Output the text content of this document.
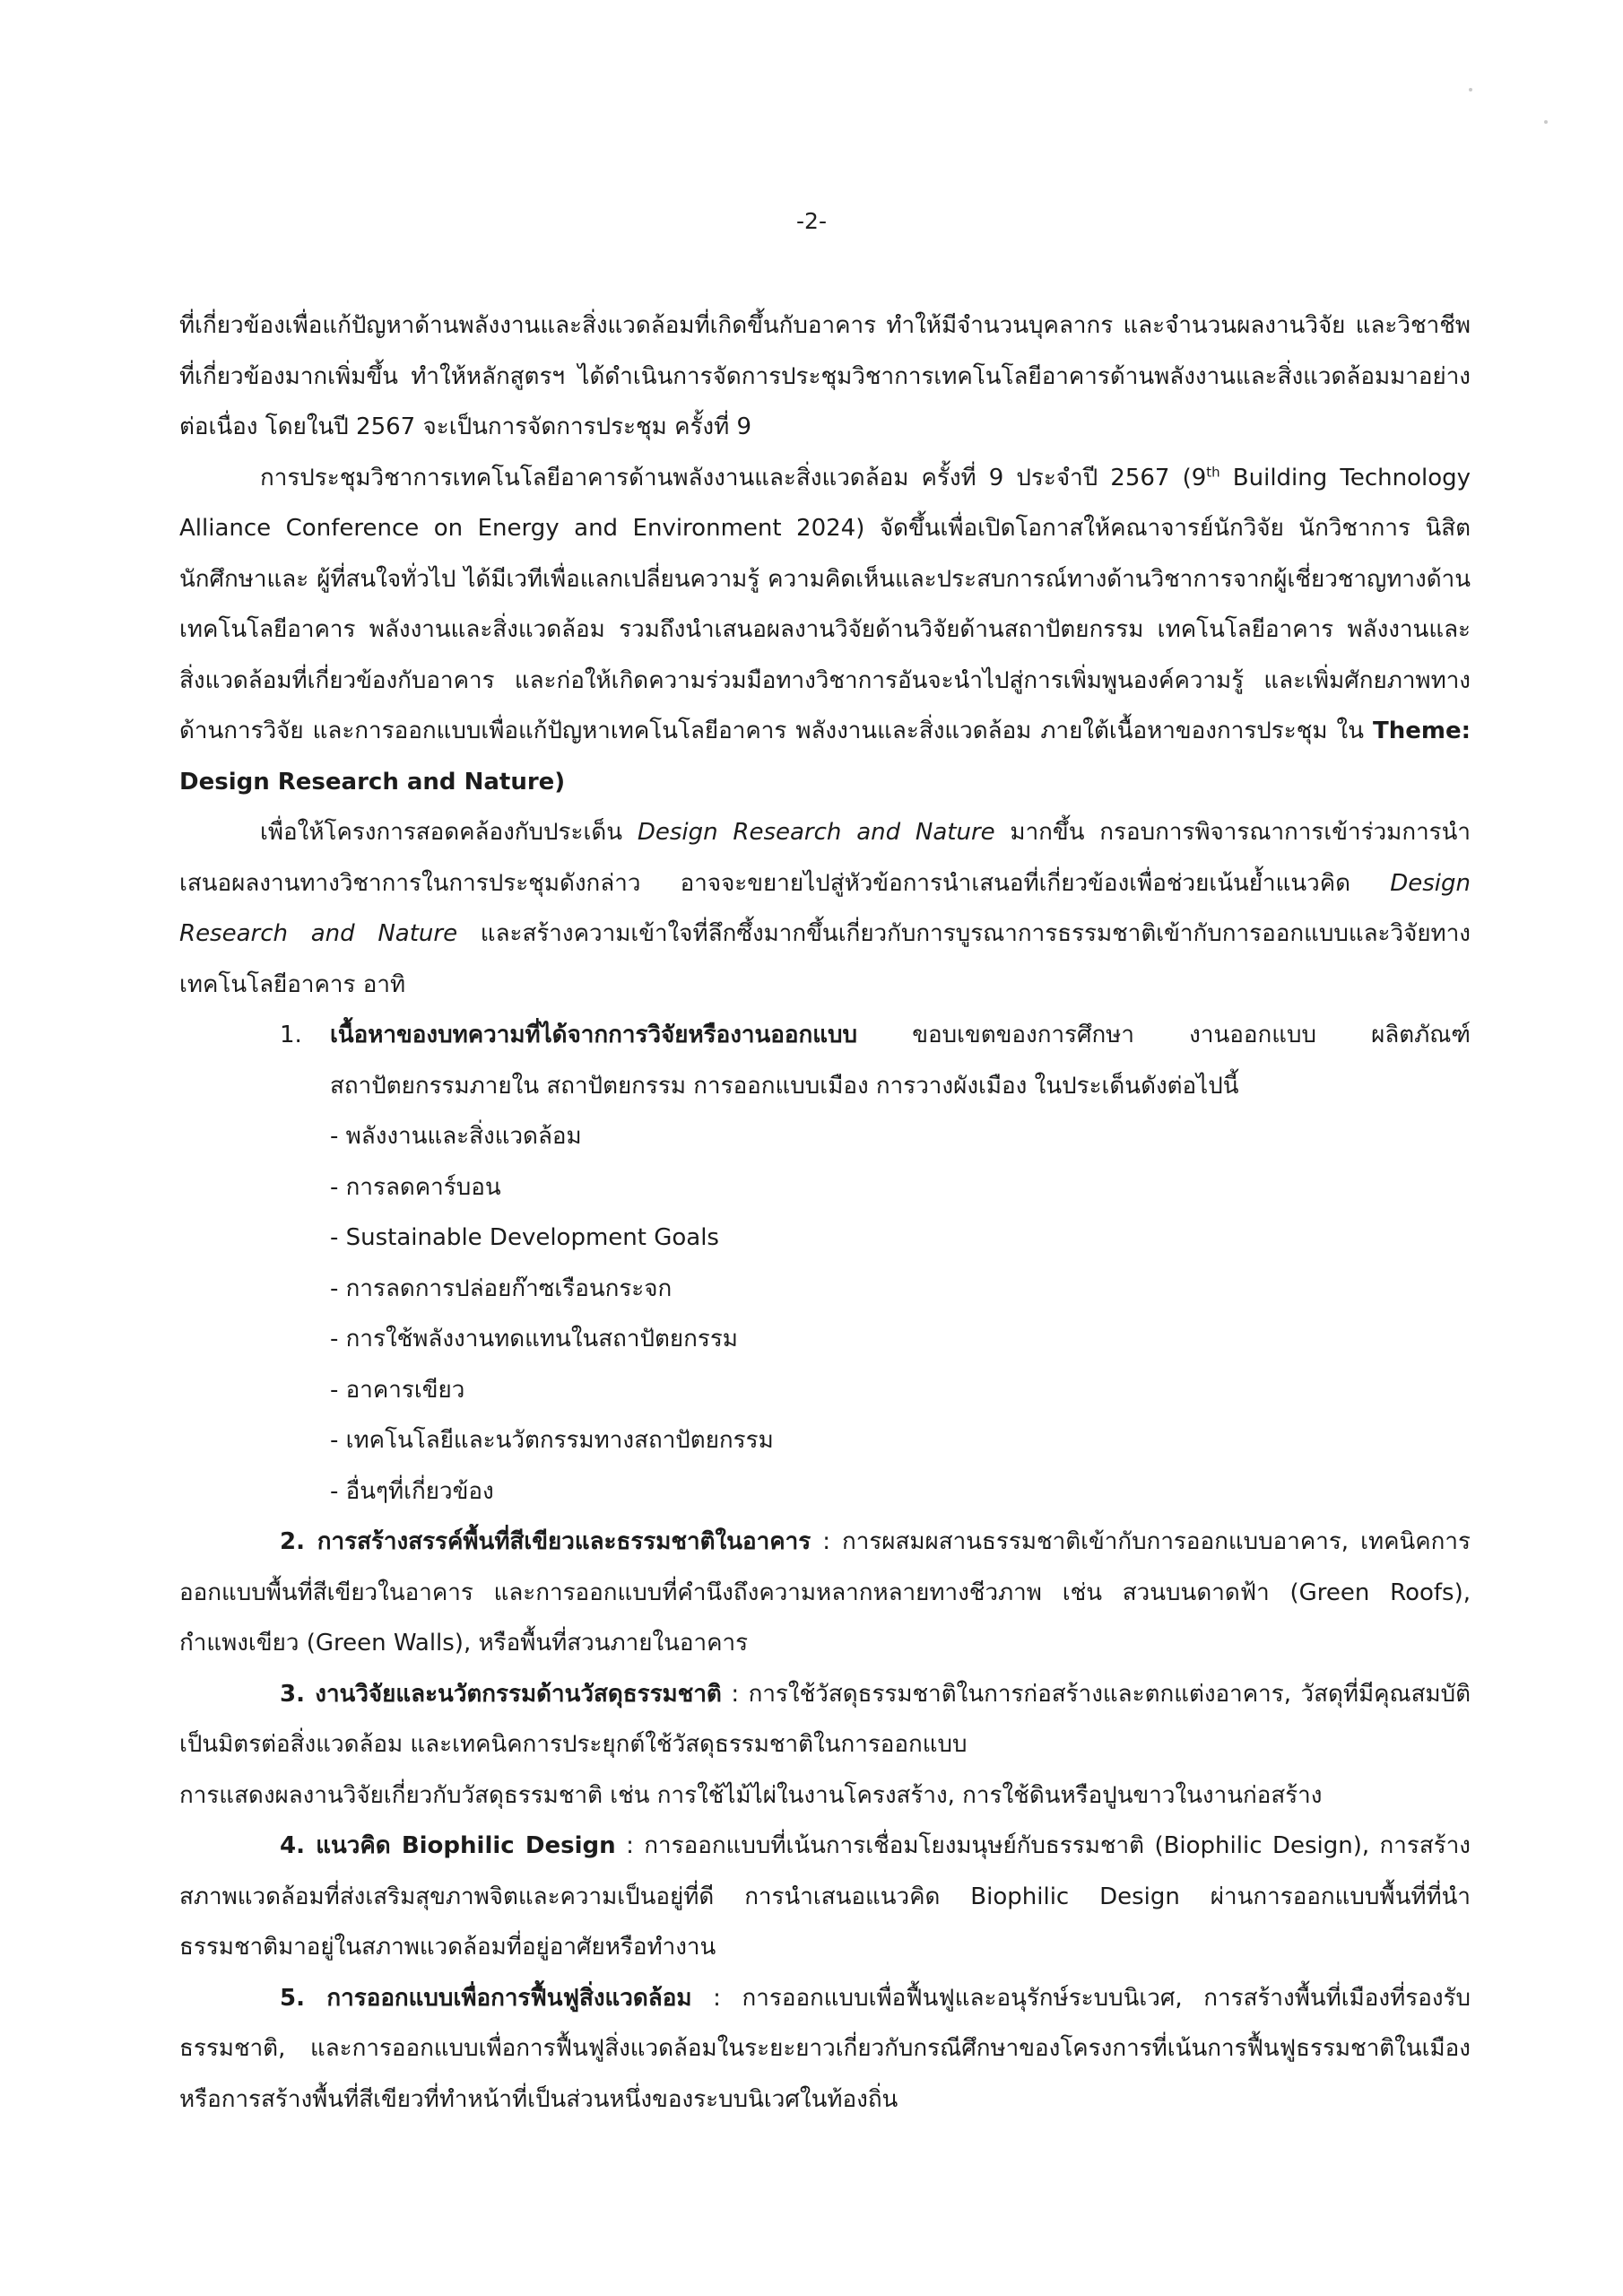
-2-

ที่เกี่ยวข้องเพื่อแก้ปัญหาด้านพลังงานและสิ่งแวดล้อมที่เกิดขึ้นกับอาคาร ทำให้มีจำนวนบุคลากร และจำนวนผลงานวิจัย และวิชาชีพที่เกี่ยวข้องมากเพิ่มขึ้น ทำให้หลักสูตรฯ ได้ดำเนินการจัดการประชุมวิชาการเทคโนโลยีอาคารด้านพลังงานและสิ่งแวดล้อมมาอย่างต่อเนื่อง โดยในปี 2567 จะเป็นการจัดการประชุม ครั้งที่ 9

การประชุมวิชาการเทคโนโลยีอาคารด้านพลังงานและสิ่งแวดล้อม ครั้งที่ 9 ประจำปี 2567 (9th Building Technology Alliance Conference on Energy and Environment 2024) จัดขึ้นเพื่อเปิดโอกาสให้คณาจารย์นักวิจัย นักวิชาการ นิสิต นักศึกษาและ ผู้ที่สนใจทั่วไป ได้มีเวทีเพื่อแลกเปลี่ยนความรู้ ความคิดเห็นและประสบการณ์ทางด้านวิชาการจากผู้เชี่ยวชาญทางด้านเทคโนโลยีอาคาร พลังงานและสิ่งแวดล้อม รวมถึงนำเสนอผลงานวิจัยด้านวิจัยด้านสถาปัตยกรรม เทคโนโลยีอาคาร พลังงานและสิ่งแวดล้อมที่เกี่ยวข้องกับอาคาร และก่อให้เกิดความร่วมมือทางวิชาการอันจะนำไปสู่การเพิ่มพูนองค์ความรู้ และเพิ่มศักยภาพทางด้านการวิจัย และการออกแบบเพื่อแก้ปัญหาเทคโนโลยีอาคาร พลังงานและสิ่งแวดล้อม ภายใต้เนื้อหาของการประชุม ใน Theme: Design Research and Nature)

เพื่อให้โครงการสอดคล้องกับประเด็น Design Research and Nature มากขึ้น กรอบการพิจารณาการเข้าร่วมการนำเสนอผลงานทางวิชาการในการประชุมดังกล่าว อาจจะขยายไปสู่หัวข้อการนำเสนอที่เกี่ยวข้องเพื่อช่วยเน้นย้ำแนวคิด Design Research and Nature และสร้างความเข้าใจที่ลึกซึ้งมากขึ้นเกี่ยวกับการบูรณาการธรรมชาติเข้ากับการออกแบบและวิจัยทางเทคโนโลยีอาคาร อาทิ

1. เนื้อหาของบทความที่ได้จากการวิจัยหรืองานออกแบบ ขอบเขตของการศึกษา งานออกแบบ ผลิตภัณฑ์ สถาปัตยกรรมภายใน สถาปัตยกรรม การออกแบบเมือง การวางผังเมือง ในประเด็นดังต่อไปนี้

- พลังงานและสิ่งแวดล้อม
- การลดคาร์บอน
- Sustainable Development Goals
- การลดการปล่อยก๊าซเรือนกระจก
- การใช้พลังงานทดแทนในสถาปัตยกรรม
- อาคารเขียว
- เทคโนโลยีและนวัตกรรมทางสถาปัตยกรรม
- อื่นๆที่เกี่ยวข้อง

2. การสร้างสรรค์พื้นที่สีเขียวและธรรมชาติในอาคาร : การผสมผสานธรรมชาติเข้ากับการออกแบบอาคาร, เทคนิคการออกแบบพื้นที่สีเขียวในอาคาร และการออกแบบที่คำนึงถึงความหลากหลายทางชีวภาพ เช่น สวนบนดาดฟ้า (Green Roofs), กำแพงเขียว (Green Walls), หรือพื้นที่สวนภายในอาคาร

3. งานวิจัยและนวัตกรรมด้านวัสดุธรรมชาติ : การใช้วัสดุธรรมชาติในการก่อสร้างและตกแต่งอาคาร, วัสดุที่มีคุณสมบัติเป็นมิตรต่อสิ่งแวดล้อม และเทคนิคการประยุกต์ใช้วัสดุธรรมชาติในการออกแบบ

การแสดงผลงานวิจัยเกี่ยวกับวัสดุธรรมชาติ เช่น การใช้ไม้ไผ่ในงานโครงสร้าง, การใช้ดินหรือปูนขาวในงานก่อสร้าง

4. แนวคิด Biophilic Design : การออกแบบที่เน้นการเชื่อมโยงมนุษย์กับธรรมชาติ (Biophilic Design), การสร้างสภาพแวดล้อมที่ส่งเสริมสุขภาพจิตและความเป็นอยู่ที่ดี การนำเสนอแนวคิด Biophilic Design ผ่านการออกแบบพื้นที่ที่นำธรรมชาติมาอยู่ในสภาพแวดล้อมที่อยู่อาศัยหรือทำงาน

5. การออกแบบเพื่อการฟื้นฟูสิ่งแวดล้อม : การออกแบบเพื่อฟื้นฟูและอนุรักษ์ระบบนิเวศ, การสร้างพื้นที่เมืองที่รองรับธรรมชาติ, และการออกแบบเพื่อการฟื้นฟูสิ่งแวดล้อมในระยะยาวเกี่ยวกับกรณีศึกษาของโครงการที่เน้นการฟื้นฟูธรรมชาติในเมือง หรือการสร้างพื้นที่สีเขียวที่ทำหน้าที่เป็นส่วนหนึ่งของระบบนิเวศในท้องถิ่น
